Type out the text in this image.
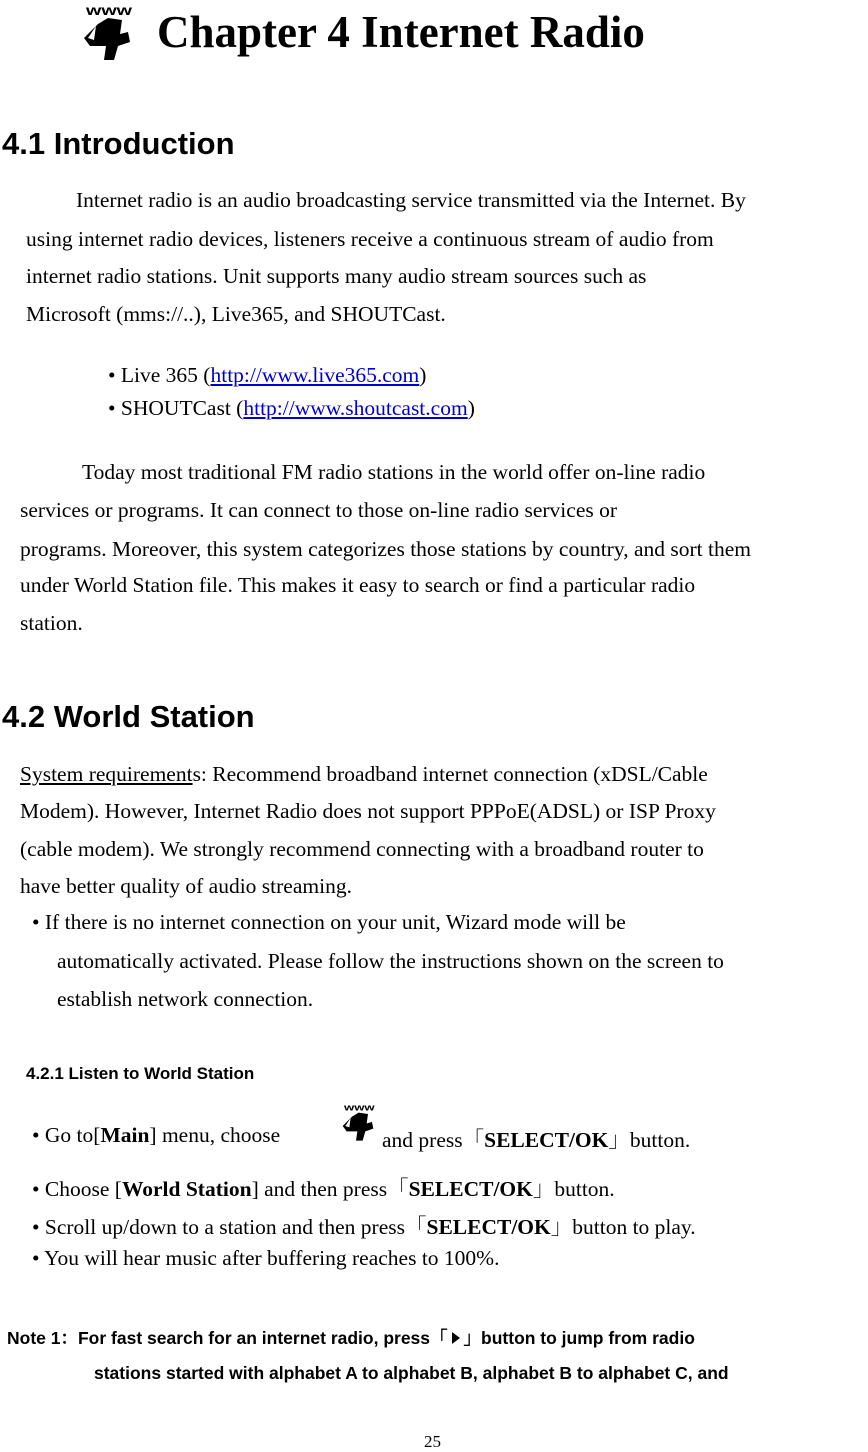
www Chapter 4 Internet Radio
4.1 Introduction
Internet radio is an audio broadcasting service transmitted via the Internet. By
using internet radio devices, listeners receive a continuous stream of audio from
internet radio stations. Unit supports many audio stream sources such as
Microsoft (mms://..), Live365, and SHOUTCast.
• Live 365 (http://www.live365.com)
• SHOUTCast (http://www.shoutcast.com)
Today most traditional FM radio stations in the world offer on-line radio
services or programs. It can connect to those on-line radio services or
programs. Moreover, this system categorizes those stations by country, and sort them
under World Station file. This makes it easy to search or find a particular radio
station.
4.2 World Station
System requirements: Recommend broadband internet connection (xDSL/Cable
Modem). However, Internet Radio does not support PPPoE(ADSL) or ISP Proxy
(cable modem). We strongly recommend connecting with a broadband router to
have better quality of audio streaming.
• If there is no internet connection on your unit, Wizard mode will be
automatically activated. Please follow the instructions shown on the screen to
establish network connection.
4.2.1 Listen to World Station
• Go to[Main] menu, choose
www
and press「SELECT/OK」button.
• Choose [World Station] and then press「SELECT/OK」button.
• Scroll up/down to a station and then press「SELECT/OK」button to play.
• You will hear music after buffering reaches to 100%.
Note 1：For fast search for an internet radio, press「 」button to jump from radio
stations started with alphabet A to alphabet B, alphabet B to alphabet C, and
25
